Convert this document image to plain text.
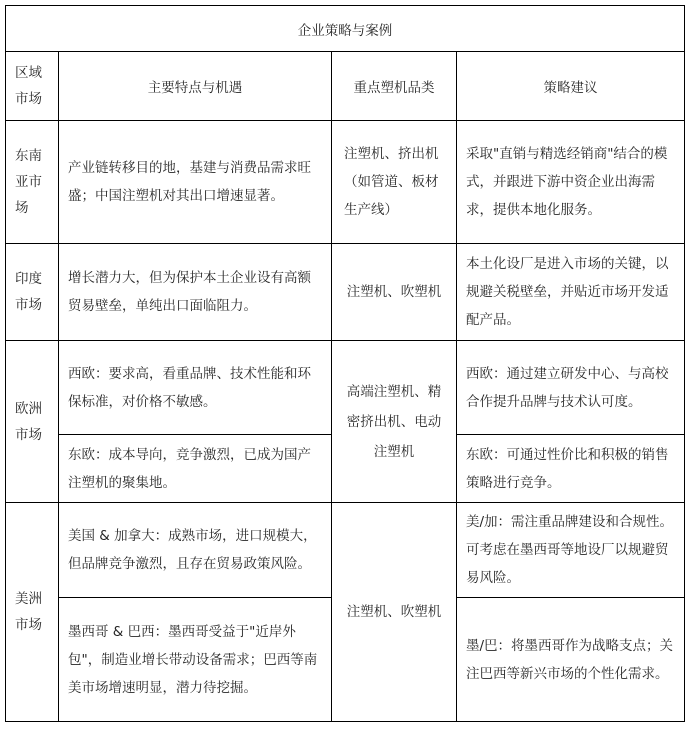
企业策略与案例			
区域市场	主要特点与机遇	重点塑机品类	策略建议
东南亚市场	产业链转移目的地，基建与消费品需求旺盛；中国注塑机对其出口增速显著。	注塑机、挤出机（如管道、板材生产线）	采取"直销与精选经销商"结合的模式，并跟进下游中资企业出海需求，提供本地化服务。
印度市场	增长潜力大，但为保护本土企业设有高额贸易壁垒，单纯出口面临阻力。	注塑机、吹塑机	本土化设厂是进入市场的关键，以规避关税壁垒，并贴近市场开发适配产品。
欧洲市场	西欧：要求高，看重品牌、技术性能和环保标准，对价格不敏感。	高端注塑机、精密挤出机、电动注塑机	西欧：通过建立研发中心、与高校合作提升品牌与技术认可度。
	东欧：成本导向，竞争激烈，已成为国产注塑机的聚集地。		东欧：可通过性价比和积极的销售策略进行竞争。
美洲市场	美国 & 加拿大：成熟市场，进口规模大，但品牌竞争激烈，且存在贸易政策风险。	注塑机、吹塑机	美/加：需注重品牌建设和合规性。可考虑在墨西哥等地设厂以规避贸易风险。
	墨西哥 & 巴西：墨西哥受益于"近岸外包"，制造业增长带动设备需求；巴西等南美市场增速明显，潜力待挖掘。		墨/巴：将墨西哥作为战略支点；关注巴西等新兴市场的个性化需求。
